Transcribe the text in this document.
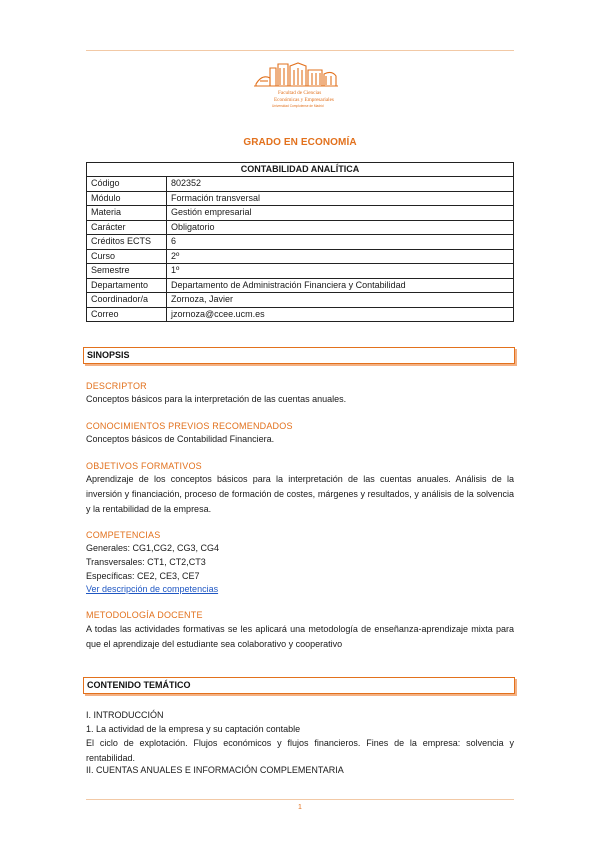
Facultad de Ciencias
Económicas y Empresariales
Universidad Complutense de Madrid
GRADO EN ECONOMÍA
CONTABILIDAD ANALÍTICA	
Código	802352
Módulo	Formación transversal
Materia	Gestión empresarial
Carácter	Obligatorio
Créditos ECTS	6
Curso	2º
Semestre	1º
Departamento	Departamento de Administración Financiera y Contabilidad
Coordinador/a	Zornoza, Javier
Correo	jzornoza@ccee.ucm.es
SINOPSIS
DESCRIPTOR
Conceptos básicos para la interpretación de las cuentas anuales.
CONOCIMIENTOS PREVIOS RECOMENDADOS
Conceptos básicos de Contabilidad Financiera.
OBJETIVOS FORMATIVOS
Aprendizaje de los conceptos básicos para la interpretación de las cuentas anuales. Análisis de la inversión y financiación, proceso de formación de costes, márgenes y resultados, y análisis de la solvencia y la rentabilidad de la empresa.
COMPETENCIAS
Generales: CG1,CG2, CG3, CG4
Transversales: CT1, CT2,CT3
Específicas: CE2, CE3, CE7
Ver descripción de competencias
METODOLOGÍA DOCENTE
A todas las actividades formativas se les aplicará una metodología de enseñanza-aprendizaje mixta para que el aprendizaje del estudiante sea colaborativo y cooperativo
CONTENIDO TEMÁTICO
I. INTRODUCCIÓN
1. La actividad de la empresa y su captación contable
El ciclo de explotación. Flujos económicos y flujos financieros. Fines de la empresa: solvencia y rentabilidad.
II. CUENTAS ANUALES E INFORMACIÓN COMPLEMENTARIA
1
